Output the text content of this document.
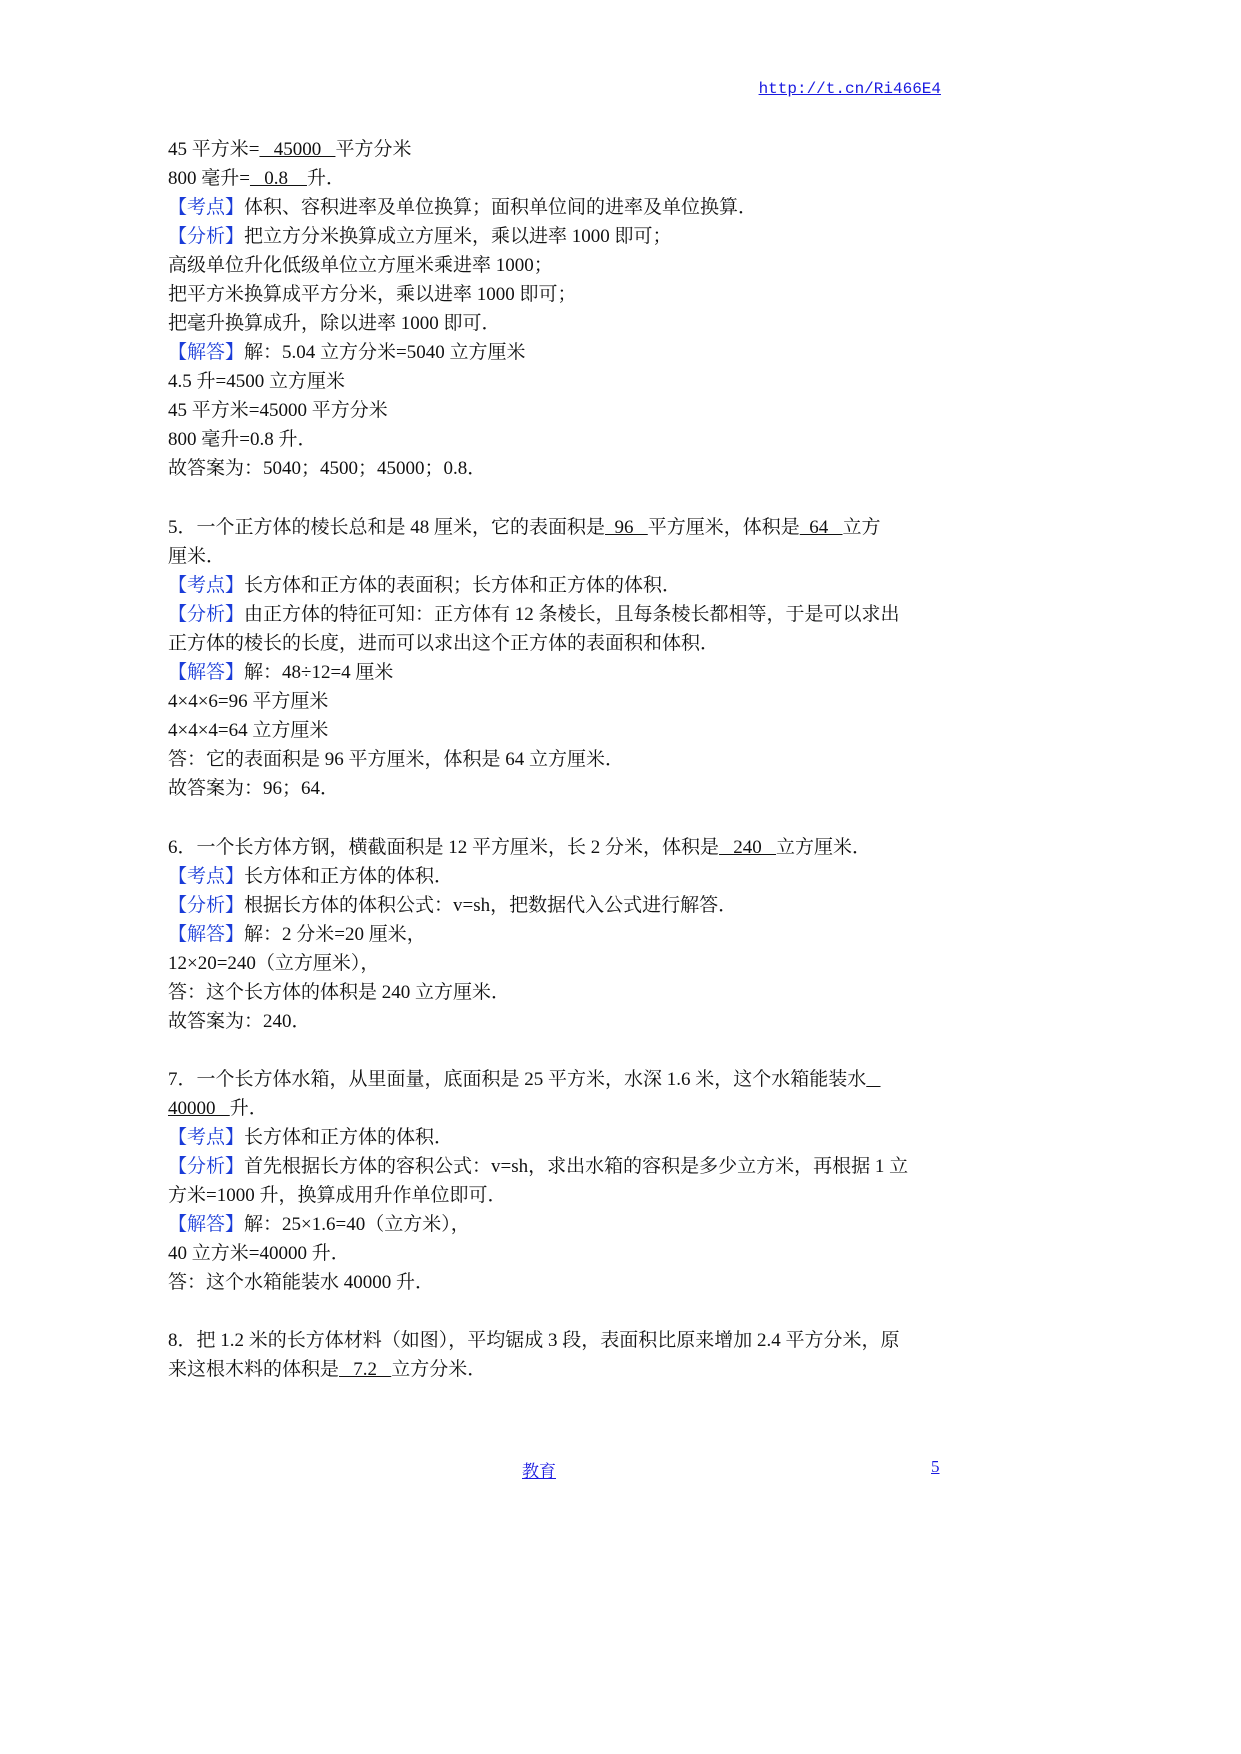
http://t.cn/Ri466E4
45 平方米=   45000   平方分米
800 毫升=   0.8    升．
【考点】体积、容积进率及单位换算；面积单位间的进率及单位换算．
【分析】把立方分米换算成立方厘米，乘以进率 1000 即可；
高级单位升化低级单位立方厘米乘进率 1000；
把平方米换算成平方分米，乘以进率 1000 即可；
把毫升换算成升，除以进率 1000 即可．
【解答】解：5.04 立方分米=5040 立方厘米
4.5 升=4500 立方厘米
45 平方米=45000 平方分米
800 毫升=0.8 升．
故答案为：5040；4500；45000；0.8．
5．一个正方体的棱长总和是 48 厘米，它的表面积是  96   平方厘米，体积是  64   立方
厘米．
【考点】长方体和正方体的表面积；长方体和正方体的体积．
【分析】由正方体的特征可知：正方体有 12 条棱长，且每条棱长都相等，于是可以求出
正方体的棱长的长度，进而可以求出这个正方体的表面积和体积．
【解答】解：48÷12=4 厘米
4×4×6=96 平方厘米
4×4×4=64 立方厘米
答：它的表面积是 96 平方厘米，体积是 64 立方厘米．
故答案为：96；64．
6．一个长方体方钢，横截面积是 12 平方厘米，长 2 分米，体积是   240   立方厘米．
【考点】长方体和正方体的体积．
【分析】根据长方体的体积公式：v=sh，把数据代入公式进行解答．
【解答】解：2 分米=20 厘米，
12×20=240（立方厘米），
答：这个长方体的体积是 240 立方厘米．
故答案为：240．
7．一个长方体水箱，从里面量，底面积是 25 平方米，水深 1.6 米，这个水箱能装水
40000   升．
【考点】长方体和正方体的体积．
【分析】首先根据长方体的容积公式：v=sh，求出水箱的容积是多少立方米，再根据 1 立
方米=1000 升，换算成用升作单位即可．
【解答】解：25×1.6=40（立方米），
40 立方米=40000 升．
答：这个水箱能装水 40000 升．
8．把 1.2 米的长方体材料（如图），平均锯成 3 段，表面积比原来增加 2.4 平方分米，原
来这根木料的体积是   7.2   立方分米．
教育	5
